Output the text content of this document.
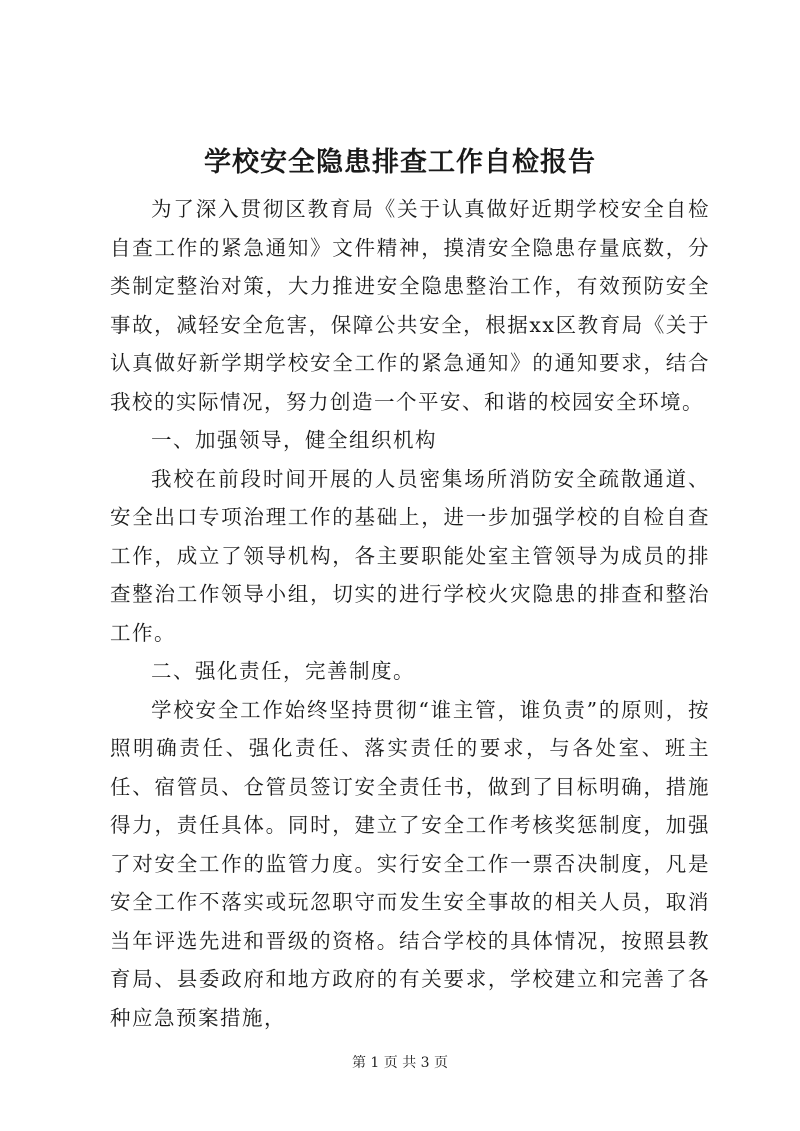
学校安全隐患排查工作自检报告

为了深入贯彻区教育局《关于认真做好近期学校安全自检自查工作的紧急通知》文件精神，摸清安全隐患存量底数，分类制定整治对策，大力推进安全隐患整治工作，有效预防安全事故，减轻安全危害，保障公共安全，根据xx区教育局《关于认真做好新学期学校安全工作的紧急通知》的通知要求，结合我校的实际情况，努力创造一个平安、和谐的校园安全环境。

一、加强领导，健全组织机构

我校在前段时间开展的人员密集场所消防安全疏散通道、安全出口专项治理工作的基础上，进一步加强学校的自检自查工作，成立了领导机构，各主要职能处室主管领导为成员的排查整治工作领导小组，切实的进行学校火灾隐患的排查和整治工作。

二、强化责任，完善制度。

学校安全工作始终坚持贯彻“谁主管，谁负责”的原则，按照明确责任、强化责任、落实责任的要求，与各处室、班主任、宿管员、仓管员签订安全责任书，做到了目标明确，措施得力，责任具体。同时，建立了安全工作考核奖惩制度，加强了对安全工作的监管力度。实行安全工作一票否决制度，凡是安全工作不落实或玩忽职守而发生安全事故的相关人员，取消当年评选先进和晋级的资格。结合学校的具体情况，按照县教育局、县委政府和地方政府的有关要求，学校建立和完善了各种应急预案措施，

第 1 页 共 3 页
